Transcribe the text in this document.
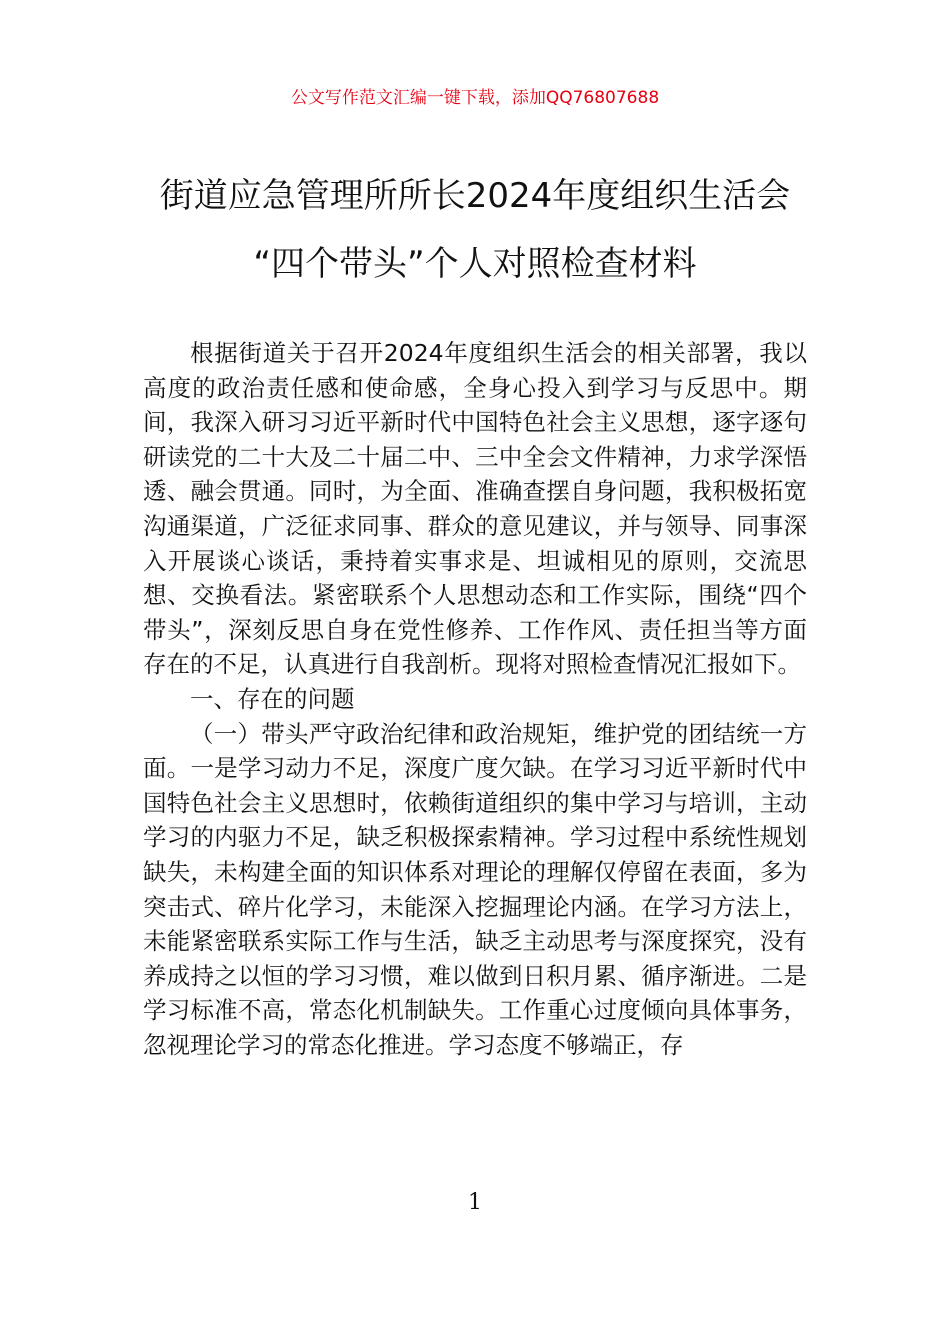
公文写作范文汇编一键下载，添加QQ76807688
街道应急管理所所长2024年度组织生活会
“四个带头”个人对照检查材料

根据街道关于召开2024年度组织生活会的相关部署，我以高度的政治责任感和使命感，全身心投入到学习与反思中。期间，我深入研习习近平新时代中国特色社会主义思想，逐字逐句研读党的二十大及二十届二中、三中全会文件精神，力求学深悟透、融会贯通。同时，为全面、准确查摆自身问题，我积极拓宽沟通渠道，广泛征求同事、群众的意见建议，并与领导、同事深入开展谈心谈话，秉持着实事求是、坦诚相见的原则，交流思想、交换看法。紧密联系个人思想动态和工作实际，围绕“四个带头”，深刻反思自身在党性修养、工作作风、责任担当等方面存在的不足，认真进行自我剖析。现将对照检查情况汇报如下。

一、存在的问题

（一）带头严守政治纪律和政治规矩，维护党的团结统一方面。一是学习动力不足，深度广度欠缺。在学习习近平新时代中国特色社会主义思想时，依赖街道组织的集中学习与培训，主动学习的内驱力不足，缺乏积极探索精神。学习过程中系统性规划缺失，未构建全面的知识体系对理论的理解仅停留在表面，多为突击式、碎片化学习，未能深入挖掘理论内涵。在学习方法上，未能紧密联系实际工作与生活，缺乏主动思考与深度探究，没有养成持之以恒的学习习惯，难以做到日积月累、循序渐进。二是学习标准不高，常态化机制缺失。工作重心过度倾向具体事务，忽视理论学习的常态化推进。学习态度不够端正，存

1
